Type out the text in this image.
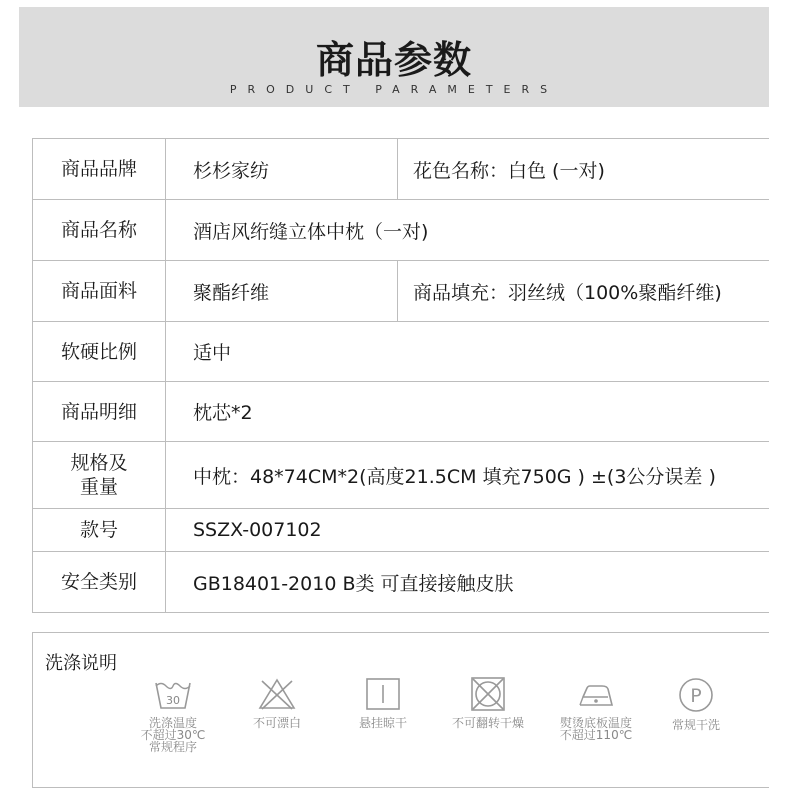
商品参数
PRODUCT PARAMETERS
商品品牌	杉杉家纺	花色名称：白色 (一对)
商品名称	酒店风绗缝立体中枕（一对)
商品面料	聚酯纤维	商品填充：羽丝绒（100%聚酯纤维)
软硬比例	适中
商品明细	枕芯*2
规格及
重量	中枕：48*74CM*2(高度21.5CM 填充750G ) ±(3公分误差 )
款号	SSZX-007102
安全类别	GB18401-2010 B类 可直接接触皮肤
洗涤说明
30
洗涤温度
不超过30℃
常规程序
不可漂白	悬挂晾干	不可翻转干燥	熨烫底板温度
不超过110℃
P
常规干洗
